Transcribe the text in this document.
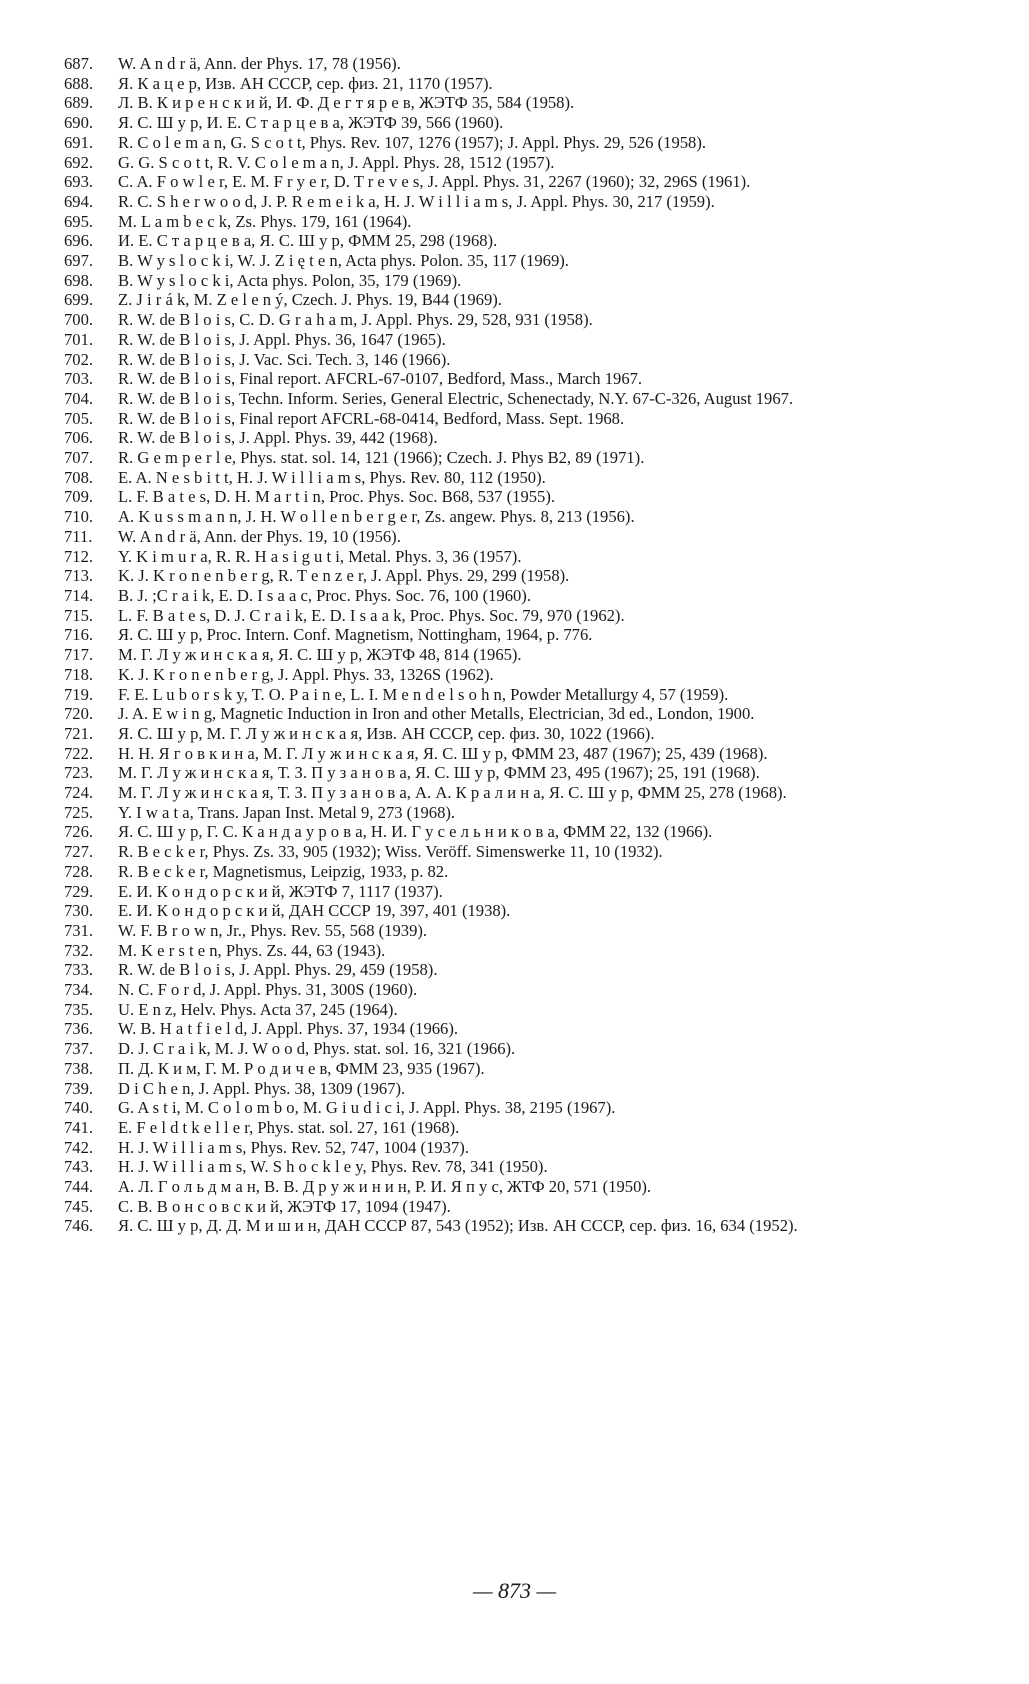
687.	W. A n d r ä, Ann. der Phys. 17, 78 (1956).
688.	Я. К а ц е р, Изв. АН СССР, сер. физ. 21, 1170 (1957).
689.	Л. В. К и р е н с к и й, И. Ф. Д е г т я р е в, ЖЭТФ 35, 584 (1958).
690.	Я. С. Ш у р, И. Е. С т а р ц е в а, ЖЭТФ 39, 566 (1960).
691.	R. C o l e m a n, G. S c o t t, Phys. Rev. 107, 1276 (1957); J. Appl. Phys. 29, 526 (1958).
692.	G. G. S c o t t, R. V. C o l e m a n, J. Appl. Phys. 28, 1512 (1957).
693.	C. A. F o w l e r, E. M. F r y e r, D. T r e v e s, J. Appl. Phys. 31, 2267 (1960); 32, 296S (1961).
694.	R. C. S h e r w o o d, J. P. R e m e i k a, H. J. W i l l i a m s, J. Appl. Phys. 30, 217 (1959).
695.	M. L a m b e c k, Zs. Phys. 179, 161 (1964).
696.	И. Е. С т а р ц е в а, Я. С. Ш у р, ФММ 25, 298 (1968).
697.	B. W y s l o c k i, W. J. Z i ę t e n, Acta phys. Polon. 35, 117 (1969).
698.	B. W y s l o c k i, Acta phys. Polon, 35, 179 (1969).
699.	Z. J i r á k, M. Z e l e n ý, Czech. J. Phys. 19, B44 (1969).
700.	R. W. de B l o i s, C. D. G r a h a m, J. Appl. Phys. 29, 528, 931 (1958).
701.	R. W. de B l o i s, J. Appl. Phys. 36, 1647 (1965).
702.	R. W. de B l o i s, J. Vac. Sci. Tech. 3, 146 (1966).
703.	R. W. de B l o i s, Final report. AFCRL-67-0107, Bedford, Mass., March 1967.
704.	R. W. de B l o i s, Techn. Inform. Series, General Electric, Schenectady, N.Y. 67-C-326, August 1967.
705.	R. W. de B l o i s, Final report AFCRL-68-0414, Bedford, Mass. Sept. 1968.
706.	R. W. de B l o i s, J. Appl. Phys. 39, 442 (1968).
707.	R. G e m p e r l e, Phys. stat. sol. 14, 121 (1966); Czech. J. Phys B2, 89 (1971).
708.	E. A. N e s b i t t, H. J. W i l l i a m s, Phys. Rev. 80, 112 (1950).
709.	L. F. B a t e s, D. H. M a r t i n, Proc. Phys. Soc. B68, 537 (1955).
710.	A. K u s s m a n n, J. H. W o l l e n b e r g e r, Zs. angew. Phys. 8, 213 (1956).
711.	W. A n d r ä, Ann. der Phys. 19, 10 (1956).
712.	Y. K i m u r a, R. R. H a s i g u t i, Metal. Phys. 3, 36 (1957).
713.	K. J. K r o n e n b e r g, R. T e n z e r, J. Appl. Phys. 29, 299 (1958).
714.	B. J. ;C r a i k, E. D. I s a a c, Proc. Phys. Soc. 76, 100 (1960).
715.	L. F. B a t e s, D. J. C r a i k, E. D. I s a a k, Proc. Phys. Soc. 79, 970 (1962).
716.	Я. С. Ш у р, Proc. Intern. Conf. Magnetism, Nottingham, 1964, p. 776.
717.	М. Г. Л у ж и н с к а я, Я. С. Ш у р, ЖЭТФ 48, 814 (1965).
718.	K. J. K r o n e n b e r g, J. Appl. Phys. 33, 1326S (1962).
719.	F. E. L u b o r s k y, T. O. P a i n e, L. I. M e n d e l s o h n, Powder Metallurgy 4, 57 (1959).
720.	J. A. E w i n g, Magnetic Induction in Iron and other Metalls, Electrician, 3d ed., London, 1900.
721.	Я. С. Ш у р, М. Г. Л у ж и н с к а я, Изв. АН СССР, сер. физ. 30, 1022 (1966).
722.	Н. Н. Я г о в к и н а, М. Г. Л у ж и н с к а я, Я. С. Ш у р, ФММ 23, 487 (1967); 25, 439 (1968).
723.	М. Г. Л у ж и н с к а я, Т. З. П у з а н о в а, Я. С. Ш у р, ФММ 23, 495 (1967); 25, 191 (1968).
724.	М. Г. Л у ж и н с к а я, Т. З. П у з а н о в а, А. А. К р а л и н а, Я. С. Ш у р, ФММ 25, 278 (1968).
725.	Y. I w a t a, Trans. Japan Inst. Metal 9, 273 (1968).
726.	Я. С. Ш у р, Г. С. К а н д а у р о в а, Н. И. Г у с е л ь н и к о в а, ФММ 22, 132 (1966).
727.	R. B e c k e r, Phys. Zs. 33, 905 (1932); Wiss. Veröff. Simenswerke 11, 10 (1932).
728.	R. B e c k e r, Magnetismus, Leipzig, 1933, p. 82.
729.	Е. И. К о н д о р с к и й, ЖЭТФ 7, 1117 (1937).
730.	Е. И. К о н д о р с к и й, ДАН СССР 19, 397, 401 (1938).
731.	W. F. B r o w n, Jr., Phys. Rev. 55, 568 (1939).
732.	M. K e r s t e n, Phys. Zs. 44, 63 (1943).
733.	R. W. de B l o i s, J. Appl. Phys. 29, 459 (1958).
734.	N. C. F o r d, J. Appl. Phys. 31, 300S (1960).
735.	U. E n z, Helv. Phys. Acta 37, 245 (1964).
736.	W. B. H a t f i e l d, J. Appl. Phys. 37, 1934 (1966).
737.	D. J. C r a i k, M. J. W o o d, Phys. stat. sol. 16, 321 (1966).
738.	П. Д. К и м, Г. М. Р о д и ч е в, ФММ 23, 935 (1967).
739.	D i C h e n, J. Appl. Phys. 38, 1309 (1967).
740.	G. A s t i, M. C o l o m b o, M. G i u d i c i, J. Appl. Phys. 38, 2195 (1967).
741.	E. F e l d t k e l l e r, Phys. stat. sol. 27, 161 (1968).
742.	H. J. W i l l i a m s, Phys. Rev. 52, 747, 1004 (1937).
743.	H. J. W i l l i a m s, W. S h o c k l e y, Phys. Rev. 78, 341 (1950).
744.	А. Л. Г о л ь д м а н, В. В. Д р у ж и н и н, Р. И. Я п у с, ЖТФ 20, 571 (1950).
745.	С. В. В о н с о в с к и й, ЖЭТФ 17, 1094 (1947).
746.	Я. С. Ш у р, Д. Д. М и ш и н, ДАН СССР 87, 543 (1952); Изв. АН СССР, сер. физ. 16, 634 (1952).
— 873 —
